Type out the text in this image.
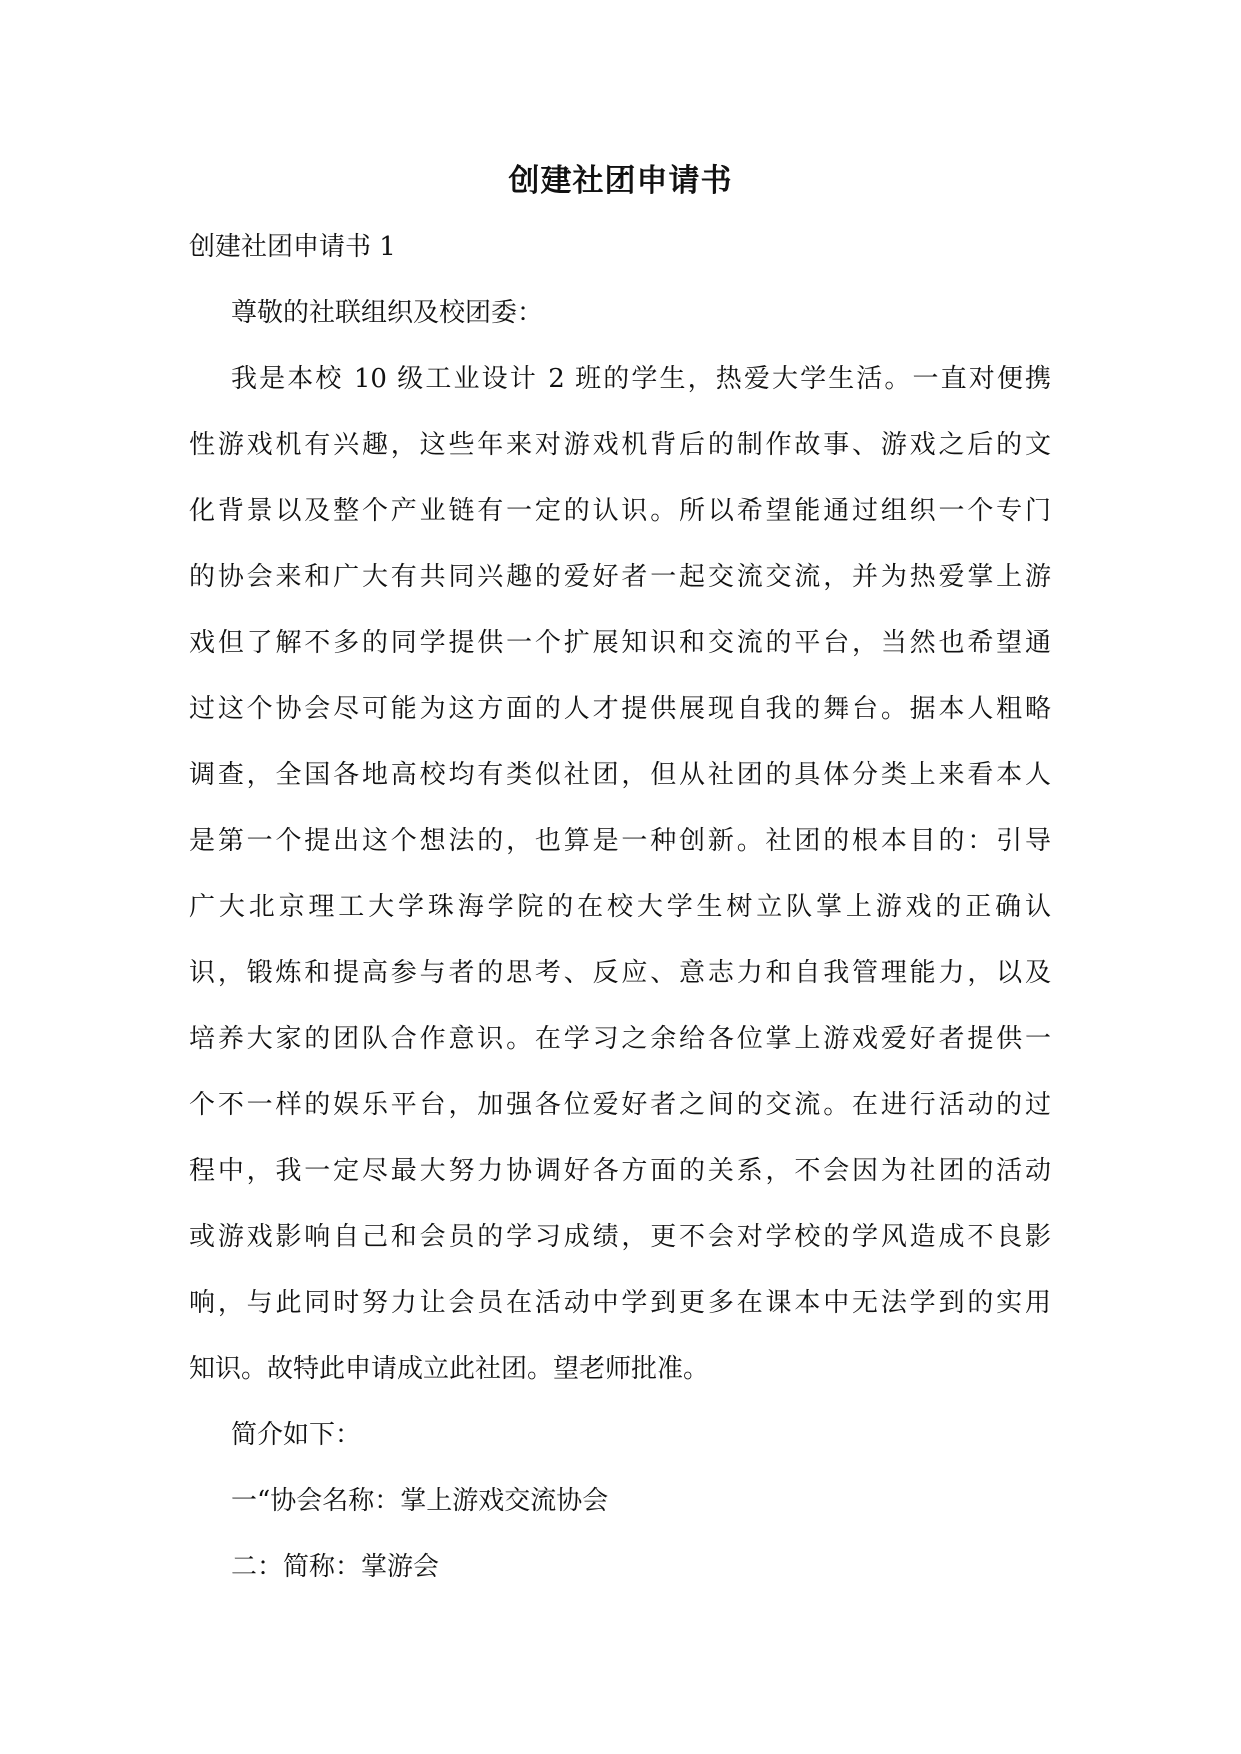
创建社团申请书
创建社团申请书 1
尊敬的社联组织及校团委：
我是本校 10 级工业设计 2 班的学生，热爱大学生活。一直对便携
性游戏机有兴趣，这些年来对游戏机背后的制作故事、游戏之后的文
化背景以及整个产业链有一定的认识。所以希望能通过组织一个专门
的协会来和广大有共同兴趣的爱好者一起交流交流，并为热爱掌上游
戏但了解不多的同学提供一个扩展知识和交流的平台，当然也希望通
过这个协会尽可能为这方面的人才提供展现自我的舞台。据本人粗略
调查，全国各地高校均有类似社团，但从社团的具体分类上来看本人
是第一个提出这个想法的，也算是一种创新。社团的根本目的：引导
广大北京理工大学珠海学院的在校大学生树立队掌上游戏的正确认
识，锻炼和提高参与者的思考、反应、意志力和自我管理能力，以及
培养大家的团队合作意识。在学习之余给各位掌上游戏爱好者提供一
个不一样的娱乐平台，加强各位爱好者之间的交流。在进行活动的过
程中，我一定尽最大努力协调好各方面的关系，不会因为社团的活动
或游戏影响自己和会员的学习成绩，更不会对学校的学风造成不良影
响，与此同时努力让会员在活动中学到更多在课本中无法学到的实用
知识。故特此申请成立此社团。望老师批准。
简介如下：
一“协会名称：掌上游戏交流协会
二：简称：掌游会
